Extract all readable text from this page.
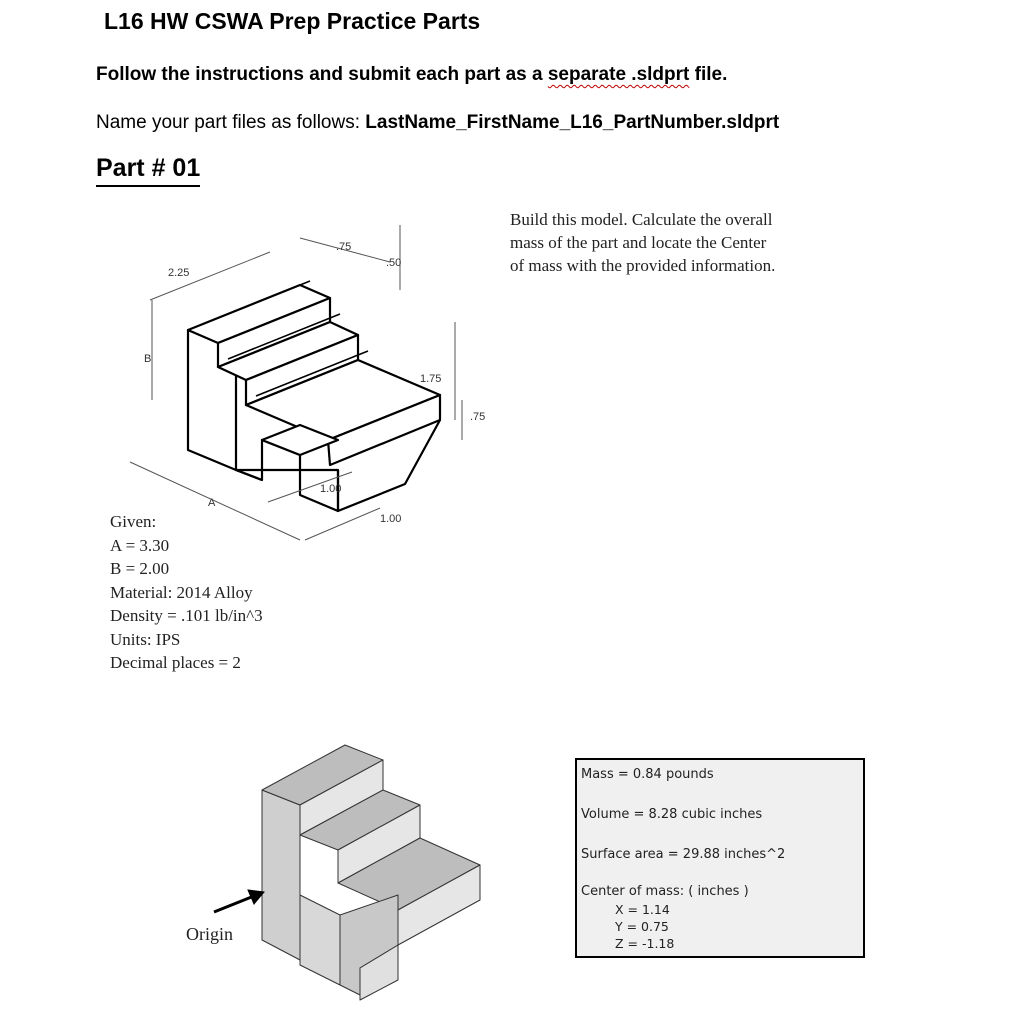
L16 HW CSWA Prep Practice Parts
Follow the instructions and submit each part as a separate .sldprt file.
Name your part files as follows: LastName_FirstName_L16_PartNumber.sldprt
Part # 01
2.25
.75
.50
B
1.75
.75
1.00
1.00
A
Build this model. Calculate the overall
mass of the part and locate the Center
of mass with the provided information.
Given:
A = 3.30
B = 2.00
Material: 2014 Alloy
Density = .101 lb/in^3
Units: IPS
Decimal places = 2
Origin
Mass = 0.84 pounds
Volume = 8.28 cubic inches
Surface area = 29.88 inches^2
Center of mass: ( inches )
X = 1.14
Y = 0.75
Z = -1.18
